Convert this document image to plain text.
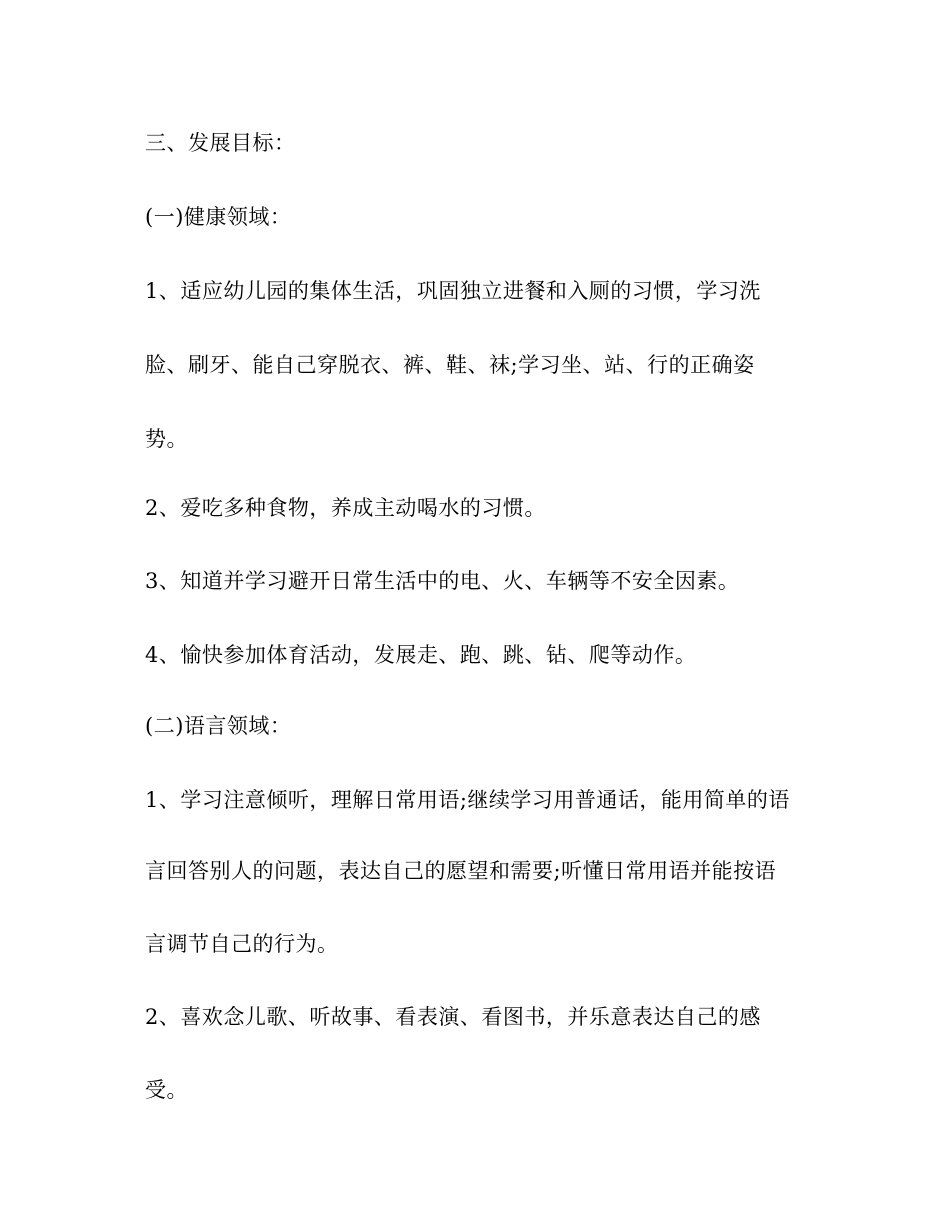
三、发展目标：
(一)健康领域：
1、适应幼儿园的集体生活，巩固独立进餐和入厕的习惯，学习洗
脸、刷牙、能自己穿脱衣、裤、鞋、袜;学习坐、站、行的正确姿
势。
2、爱吃多种食物，养成主动喝水的习惯。
3、知道并学习避开日常生活中的电、火、车辆等不安全因素。
4、愉快参加体育活动，发展走、跑、跳、钻、爬等动作。
(二)语言领域：
1、学习注意倾听，理解日常用语;继续学习用普通话，能用简单的语
言回答别人的问题，表达自己的愿望和需要;听懂日常用语并能按语
言调节自己的行为。
2、喜欢念儿歌、听故事、看表演、看图书，并乐意表达自己的感
受。
